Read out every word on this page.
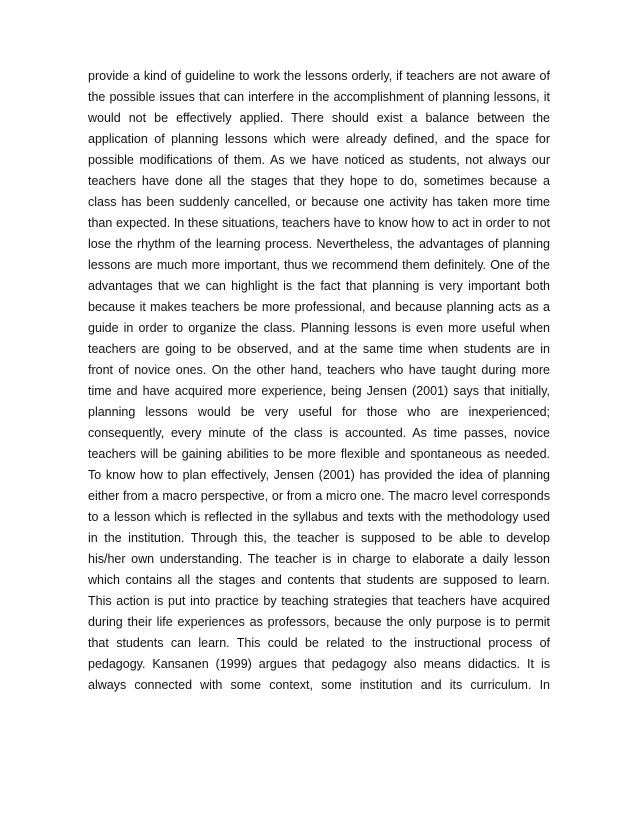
provide a kind of guideline to work the lessons orderly, if teachers are not aware of
the possible issues that can interfere in the accomplishment of planning lessons, it
would not be effectively applied. There should exist a balance between the
application of planning lessons which were already defined, and the space for
possible modifications of them. As we have noticed as students, not always our
teachers have done all the stages that they hope to do, sometimes because a
class has been suddenly cancelled, or because one activity has taken more time
than expected. In these situations, teachers have to know how to act in order to not
lose the rhythm of the learning process. Nevertheless, the advantages of planning
lessons are much more important, thus we recommend them definitely. One of the
advantages that we can highlight is the fact that planning is very important both
because it makes teachers be more professional, and because planning acts as a
guide in order to organize the class. Planning lessons is even more useful when
teachers are going to be observed, and at the same time when students are in
front of novice ones. On the other hand, teachers who have taught during more
time and have acquired more experience, being Jensen (2001) says that initially,
planning lessons would be very useful for those who are inexperienced;
consequently, every minute of the class is accounted. As time passes, novice
teachers will be gaining abilities to be more flexible and spontaneous as needed.
To know how to plan effectively, Jensen (2001) has provided the idea of planning
either from a macro perspective, or from a micro one. The macro level corresponds
to a lesson which is reflected in the syllabus and texts with the methodology used
in the institution. Through this, the teacher is supposed to be able to develop
his/her own understanding. The teacher is in charge to elaborate a daily lesson
which contains all the stages and contents that students are supposed to learn.
This action is put into practice by teaching strategies that teachers have acquired
during their life experiences as professors, because the only purpose is to permit
that students can learn. This could be related to the instructional process of
pedagogy. Kansanen (1999) argues that pedagogy also means didactics. It is
always connected with some context, some institution and its curriculum. In
